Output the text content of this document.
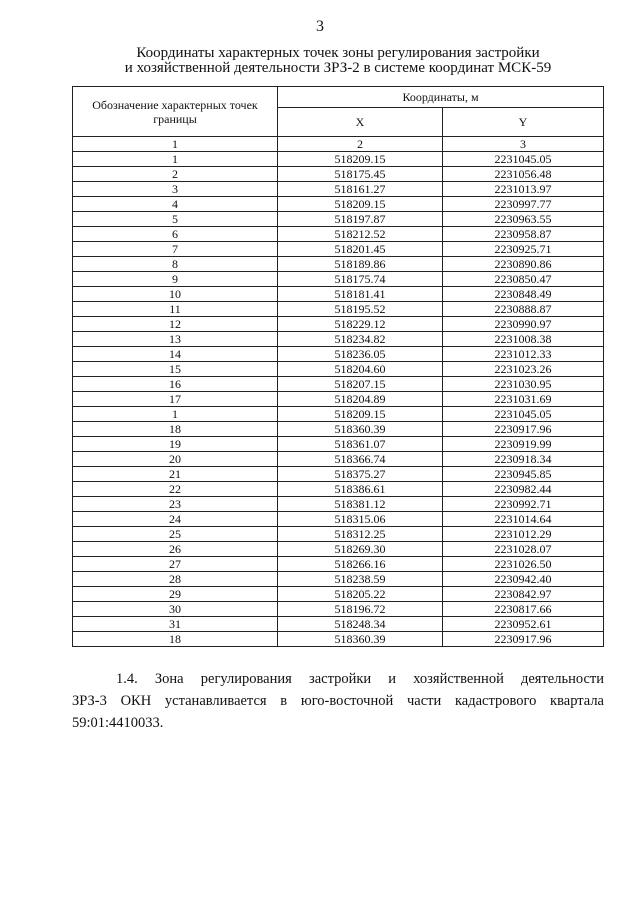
3
Координаты характерных точек зоны регулирования застройки
и хозяйственной деятельности ЗРЗ-2 в системе координат МСК-59
Обозначение характерных точек границы	Координаты, м	
	X	Y
1	2	3
1	518209.15	2231045.05
2	518175.45	2231056.48
3	518161.27	2231013.97
4	518209.15	2230997.77
5	518197.87	2230963.55
6	518212.52	2230958.87
7	518201.45	2230925.71
8	518189.86	2230890.86
9	518175.74	2230850.47
10	518181.41	2230848.49
11	518195.52	2230888.87
12	518229.12	2230990.97
13	518234.82	2231008.38
14	518236.05	2231012.33
15	518204.60	2231023.26
16	518207.15	2231030.95
17	518204.89	2231031.69
1	518209.15	2231045.05
18	518360.39	2230917.96
19	518361.07	2230919.99
20	518366.74	2230918.34
21	518375.27	2230945.85
22	518386.61	2230982.44
23	518381.12	2230992.71
24	518315.06	2231014.64
25	518312.25	2231012.29
26	518269.30	2231028.07
27	518266.16	2231026.50
28	518238.59	2230942.40
29	518205.22	2230842.97
30	518196.72	2230817.66
31	518248.34	2230952.61
18	518360.39	2230917.96
1.4. Зона регулирования застройки и хозяйственной деятельности
ЗРЗ-3 ОКН устанавливается в юго-восточной части кадастрового квартала
59:01:4410033.
